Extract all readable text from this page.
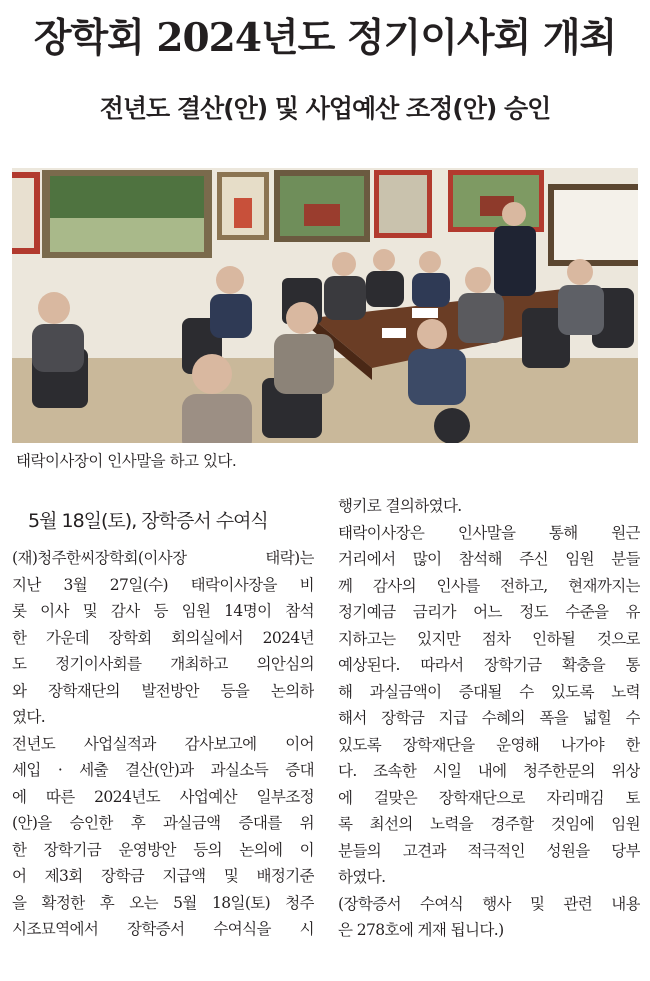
장학회 2024년도 정기이사회 개최
전년도 결산(안) 및 사업예산 조정(안) 승인
태락이사장이 인사말을 하고 있다.
5월 18일(토), 장학증서 수여식
(재)청주한씨장학회(이사장 태락)는
지난 3월 27일(수) 태락이사장을 비
롯 이사 및 감사 등 임원 14명이 참석
한 가운데 장학회 회의실에서 2024년
도 정기이사회를 개최하고 의안심의
와 장학재단의 발전방안 등을 논의하
였다.
전년도 사업실적과 감사보고에 이어
세입 · 세출 결산(안)과 과실소득 증대
에 따른 2024년도 사업예산 일부조정
(안)을 승인한 후 과실금액 증대를 위
한 장학기금 운영방안 등의 논의에 이
어 제3회 장학금 지급액 및 배정기준
을 확정한 후 오는 5월 18일(토) 청주
시조묘역에서 장학증서 수여식을 시
행키로 결의하였다.
태락이사장은 인사말을 통해 원근
거리에서 많이 참석해 주신 임원 분들
께 감사의 인사를 전하고, 현재까지는
정기예금 금리가 어느 정도 수준을 유
지하고는 있지만 점차 인하될 것으로
예상된다. 따라서 장학기금 확충을 통
해 과실금액이 증대될 수 있도록 노력
해서 장학금 지급 수혜의 폭을 넓힐 수
있도록 장학재단을 운영해 나가야 한
다. 조속한 시일 내에 청주한문의 위상
에 걸맞은 장학재단으로 자리매김 토
록 최선의 노력을 경주할 것임에 임원
분들의 고견과 적극적인 성원을 당부
하였다.
(장학증서 수여식 행사 및 관련 내용
은 278호에 게재 됩니다.)
